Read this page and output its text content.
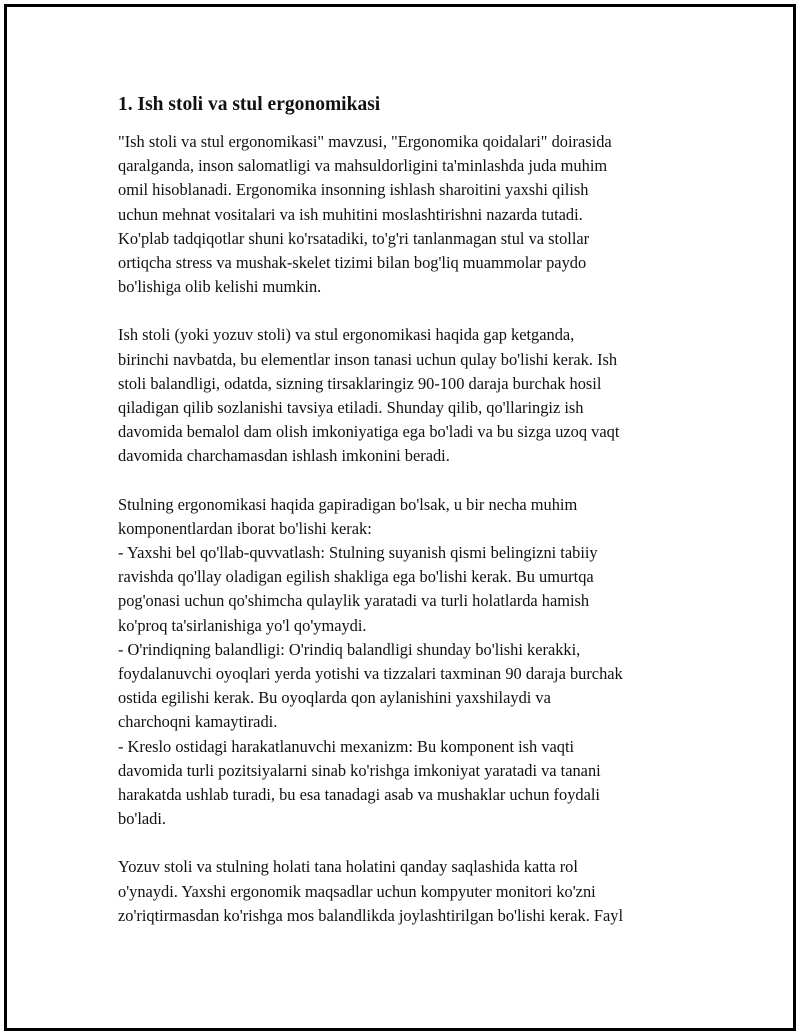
1. Ish stoli va stul ergonomikasi

"Ish stoli va stul ergonomikasi" mavzusi, "Ergonomika qoidalari" doirasida
qaralganda, inson salomatligi va mahsuldorligini ta'minlashda juda muhim
omil hisoblanadi. Ergonomika insonning ishlash sharoitini yaxshi qilish
uchun mehnat vositalari va ish muhitini moslashtirishni nazarda tutadi.
Ko'plab tadqiqotlar shuni ko'rsatadiki, to'g'ri tanlanmagan stul va stollar
ortiqcha stress va mushak-skelet tizimi bilan bog'liq muammolar paydo
bo'lishiga olib kelishi mumkin.

Ish stoli (yoki yozuv stoli) va stul ergonomikasi haqida gap ketganda,
birinchi navbatda, bu elementlar inson tanasi uchun qulay bo'lishi kerak. Ish
stoli balandligi, odatda, sizning tirsaklaringiz 90-100 daraja burchak hosil
qiladigan qilib sozlanishi tavsiya etiladi. Shunday qilib, qo'llaringiz ish
davomida bemalol dam olish imkoniyatiga ega bo'ladi va bu sizga uzoq vaqt
davomida charchamasdan ishlash imkonini beradi.

Stulning ergonomikasi haqida gapiradigan bo'lsak, u bir necha muhim
komponentlardan iborat bo'lishi kerak:
- Yaxshi bel qo'llab-quvvatlash: Stulning suyanish qismi belingizni tabiiy
ravishda qo'llay oladigan egilish shakliga ega bo'lishi kerak. Bu umurtqa
pog'onasi uchun qo'shimcha qulaylik yaratadi va turli holatlarda hamish
ko'proq ta'sirlanishiga yo'l qo'ymaydi.
- O'rindiqning balandligi: O'rindiq balandligi shunday bo'lishi kerakki,
foydalanuvchi oyoqlari yerda yotishi va tizzalari taxminan 90 daraja burchak
ostida egilishi kerak. Bu oyoqlarda qon aylanishini yaxshilaydi va
charchoqni kamaytiradi.
- Kreslo ostidagi harakatlanuvchi mexanizm: Bu komponent ish vaqti
davomida turli pozitsiyalarni sinab ko'rishga imkoniyat yaratadi va tanani
harakatda ushlab turadi, bu esa tanadagi asab va mushaklar uchun foydali
bo'ladi.

Yozuv stoli va stulning holati tana holatini qanday saqlashida katta rol
o'ynaydi. Yaxshi ergonomik maqsadlar uchun kompyuter monitori ko'zni
zo'riqtirmasdan ko'rishga mos balandlikda joylashtirilgan bo'lishi kerak. Fayl
